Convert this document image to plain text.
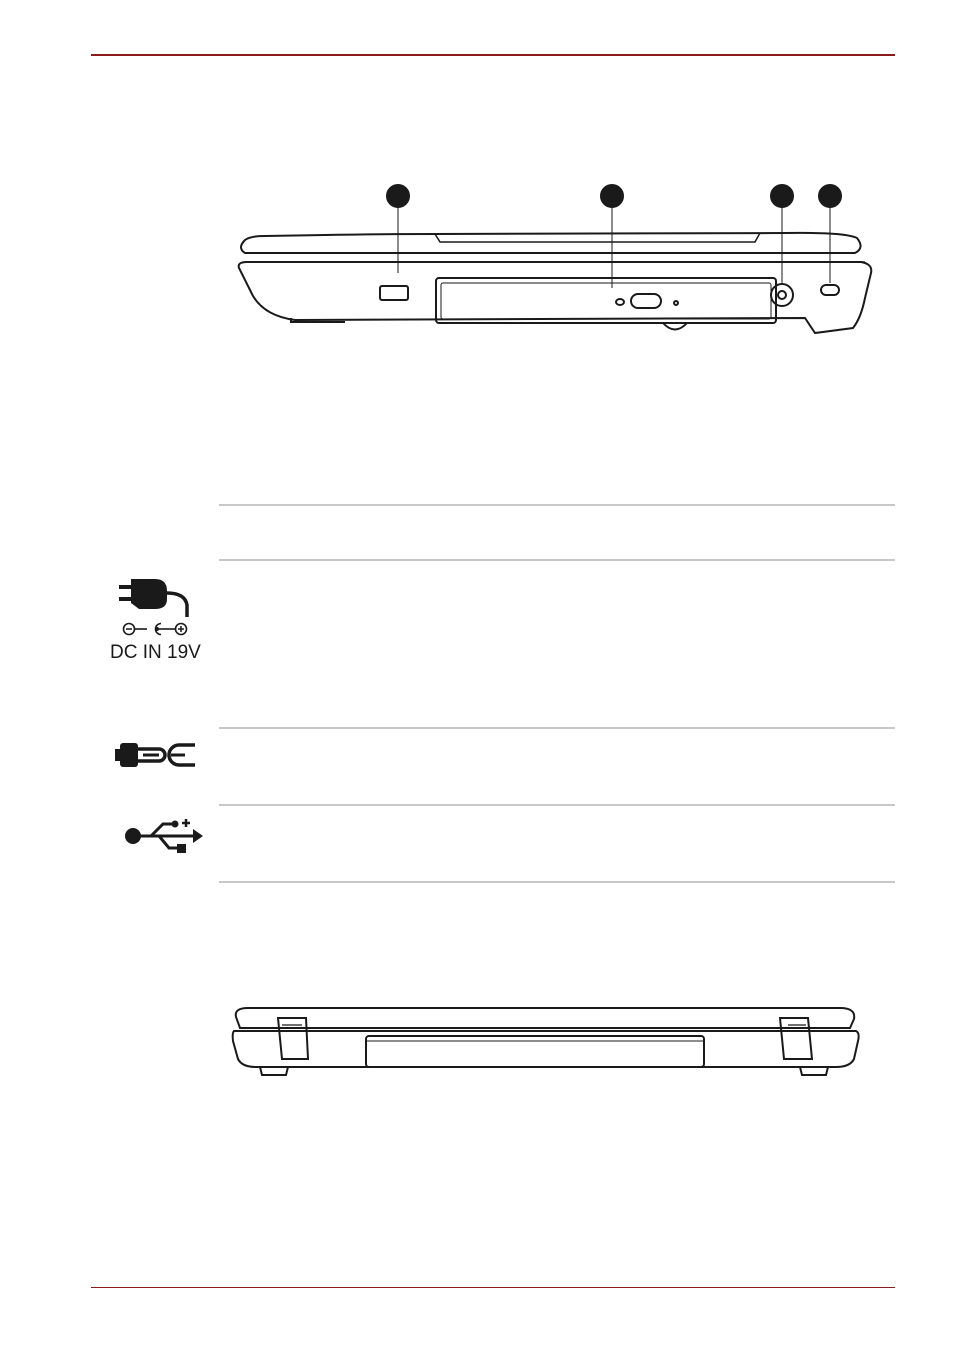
DC IN 19V
